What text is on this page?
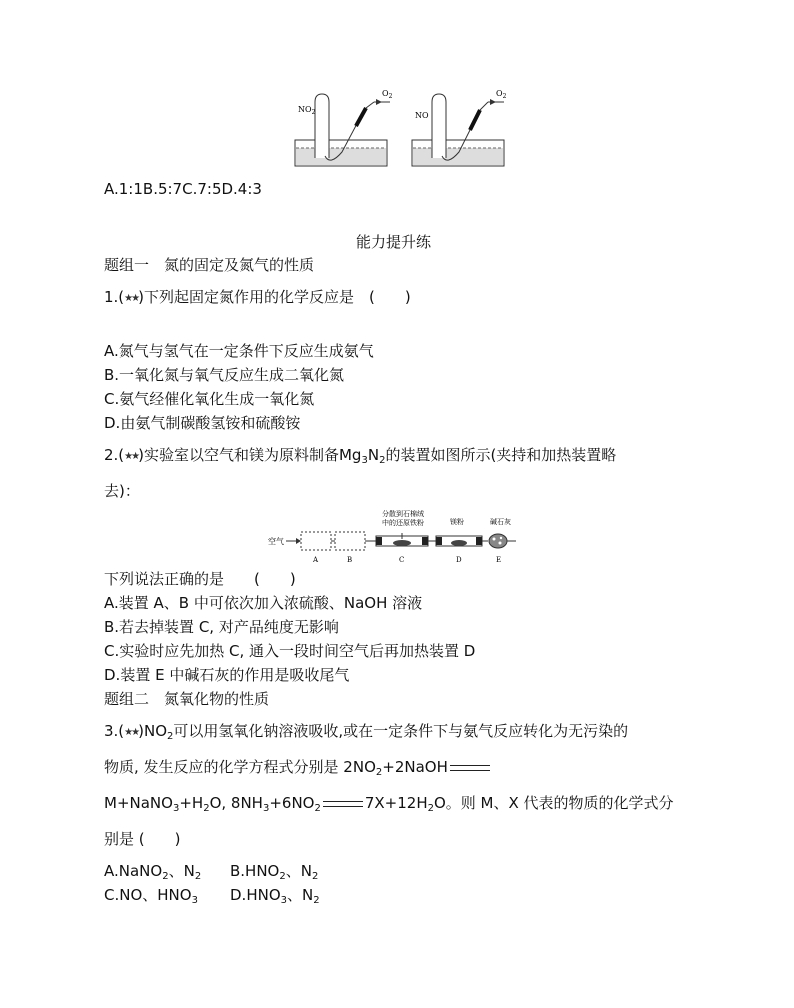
$NO_2$
$O_2$
NO
$O_2$
A.1:1B.5:7C.7:5D.4:3
能力提升练
题组一　氮的固定及氮气的性质
1.(★★)下列起固定氮作用的化学反应是　(　　)
A.氮气与氢气在一定条件下反应生成氨气
B.一氧化氮与氧气反应生成二氧化氮
C.氨气经催化氧化生成一氧化氮
D.由氨气制碳酸氢铵和硫酸铵
2.(★★)实验室以空气和镁为原料制备$Mg_3N_2$的装置如图所示(夹持和加热装置略
去)：
空气
分散到石棉绒
中的还原铁粉	镁粉	碱石灰
A	B	C	D	E
下列说法正确的是　　(　　)
A.装置 A、B 中可依次加入浓硫酸、NaOH 溶液
B.若去掉装置 C, 对产品纯度无影响
C.实验时应先加热 C, 通入一段时间空气后再加热装置 D
D.装置 E 中碱石灰的作用是吸收尾气
题组二　氮氧化物的性质
$3.(★★)NO_2$可以用氢氧化钠溶液吸收,或在一定条件下与氨气反应转化为无污染的
物质, 发生反应的化学方程式分别是 $2NO_2+2NaOH$
$M+NaNO_3+H_2O$, $8NH_3+6NO_2$	$7X+12H_2O$。则 M、X 代表的物质的化学式分
别是 (　　)
A.NaNO$_2$、$N_2$ $B.HNO_2$、$N_2$
C.NO、$HNO_3$ $D.HNO_3$、$N_2$
